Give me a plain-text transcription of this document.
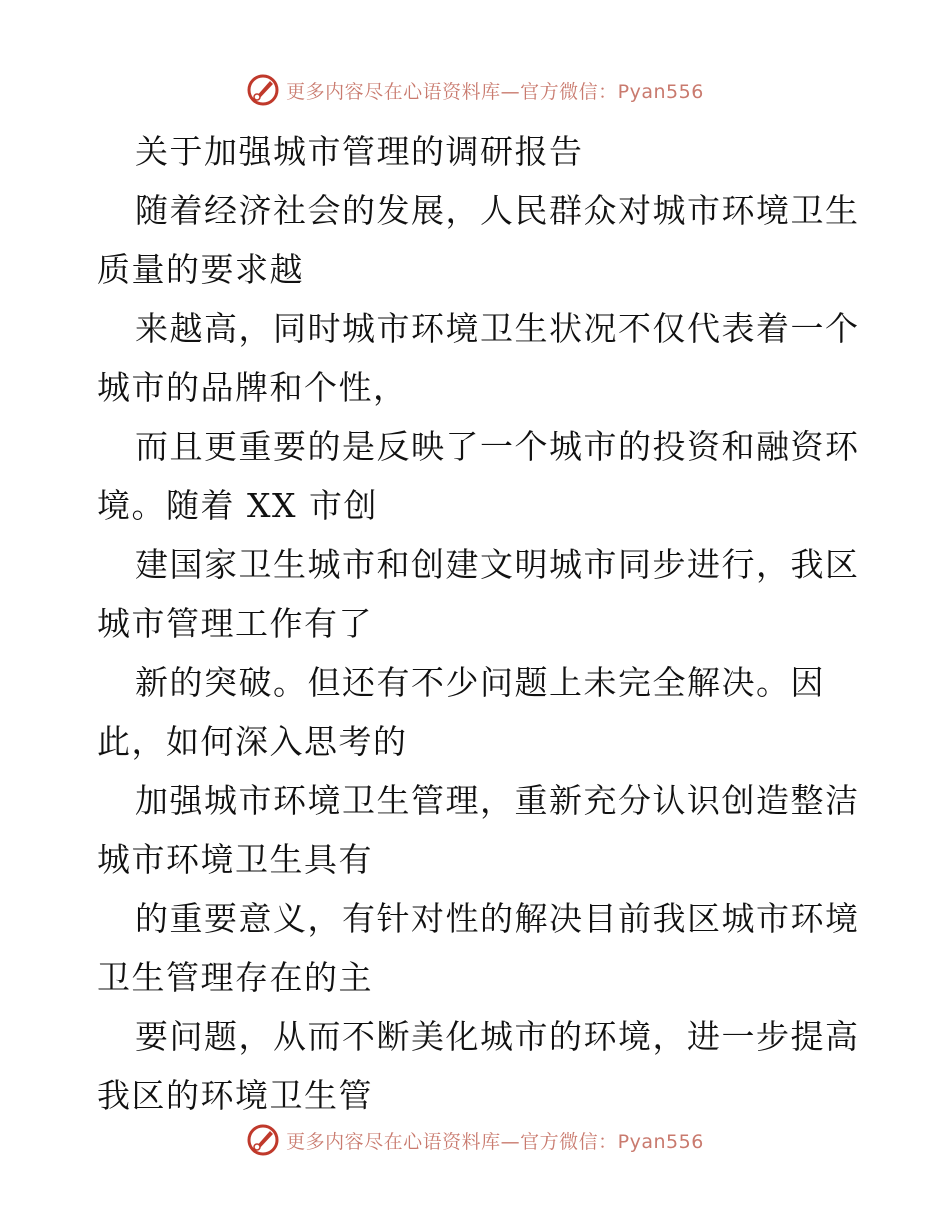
更多内容尽在心语资料库—官方微信：Pyan556
关于加强城市管理的调研报告
随着经济社会的发展，人民群众对城市环境卫生
质量的要求越
来越高，同时城市环境卫生状况不仅代表着一个
城市的品牌和个性，
而且更重要的是反映了一个城市的投资和融资环
境。随着 XX 市创
建国家卫生城市和创建文明城市同步进行，我区
城市管理工作有了
新的突破。但还有不少问题上未完全解决。因
此，如何深入思考的
加强城市环境卫生管理，重新充分认识创造整洁
城市环境卫生具有
的重要意义，有针对性的解决目前我区城市环境
卫生管理存在的主
要问题，从而不断美化城市的环境，进一步提高
我区的环境卫生管
更多内容尽在心语资料库—官方微信：Pyan556
